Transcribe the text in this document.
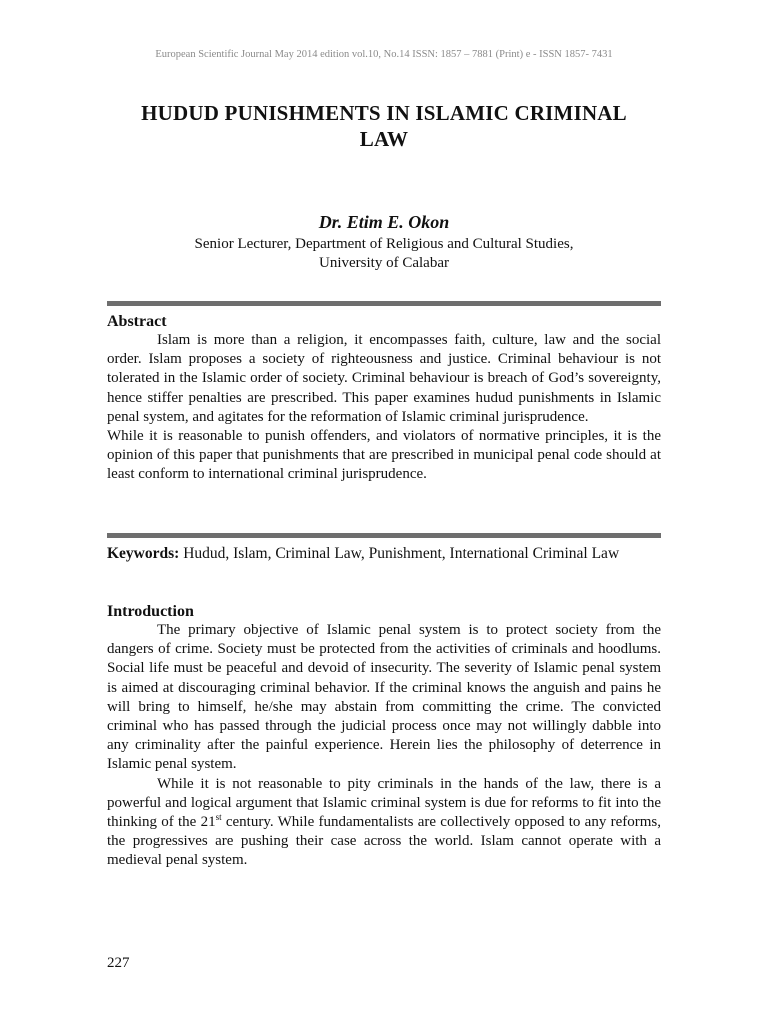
European Scientific Journal May 2014 edition vol.10, No.14 ISSN: 1857 – 7881 (Print) e - ISSN 1857- 7431
HUDUD PUNISHMENTS IN ISLAMIC CRIMINAL
LAW
Dr. Etim E. Okon
Senior Lecturer, Department of Religious and Cultural Studies,
University of Calabar
Abstract

Islam is more than a religion, it encompasses faith, culture, law and the social order. Islam proposes a society of righteousness and justice. Criminal behaviour is not tolerated in the Islamic order of society. Criminal behaviour is breach of God’s sovereignty, hence stiffer penalties are prescribed. This paper examines hudud punishments in Islamic penal system, and agitates for the reformation of Islamic criminal jurisprudence.

While it is reasonable to punish offenders, and violators of normative principles, it is the opinion of this paper that punishments that are prescribed in municipal penal code should at least conform to international criminal jurisprudence.

Keywords: Hudud, Islam, Criminal Law, Punishment, International Criminal Law
Introduction

The primary objective of Islamic penal system is to protect society from the dangers of crime. Society must be protected from the activities of criminals and hoodlums. Social life must be peaceful and devoid of insecurity. The severity of Islamic penal system is aimed at discouraging criminal behavior. If the criminal knows the anguish and pains he will bring to himself, he/she may abstain from committing the crime. The convicted criminal who has passed through the judicial process once may not willingly dabble into any criminality after the painful experience. Herein lies the philosophy of deterrence in Islamic penal system.

While it is not reasonable to pity criminals in the hands of the law, there is a powerful and logical argument that Islamic criminal system is due for reforms to fit into the thinking of the 21st century. While fundamentalists are collectively opposed to any reforms, the progressives are pushing their case across the world. Islam cannot operate with a medieval penal system.

227
